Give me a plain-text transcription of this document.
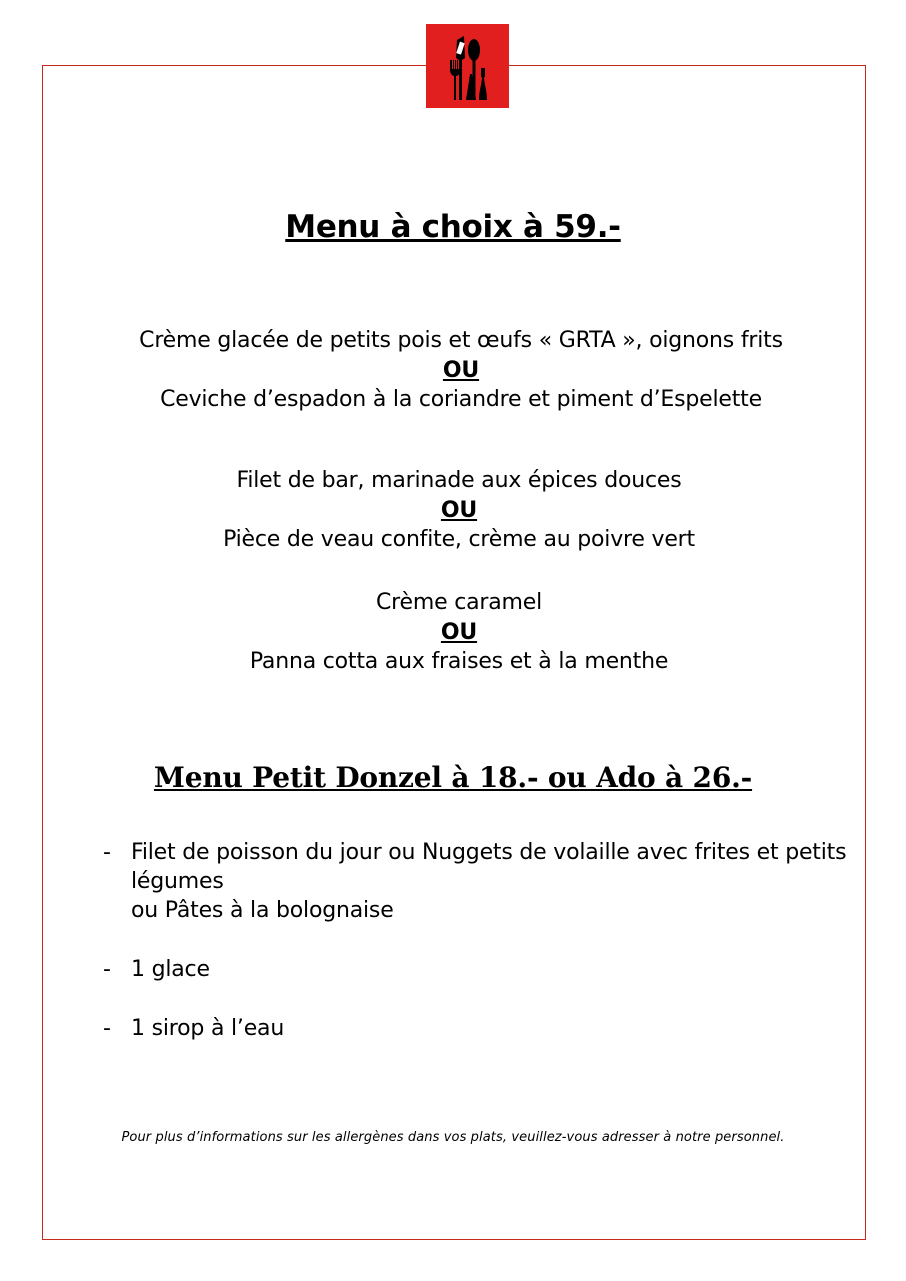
Menu à choix à 59.-
Crème glacée de petits pois et œufs « GRTA », oignons frits
OU
Ceviche d’espadon à la coriandre et piment d’Espelette
Filet de bar, marinade aux épices douces
OU
Pièce de veau confite, crème au poivre vert
Crème caramel
OU
Panna cotta aux fraises et à la menthe
Menu Petit Donzel à 18.- ou Ado à 26.-
- Filet de poisson du jour ou Nuggets de volaille avec frites et petits
légumes
ou Pâtes à la bolognaise
- 1 glace
- 1 sirop à l’eau

Pour plus d’informations sur les allergènes dans vos plats, veuillez-vous adresser à notre personnel.
